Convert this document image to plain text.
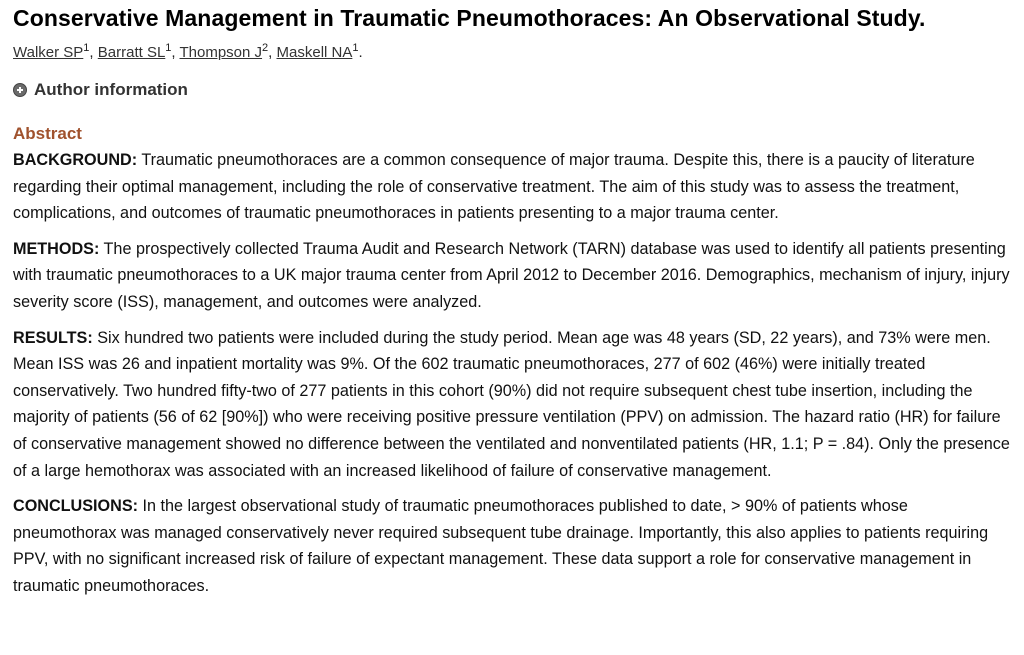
Conservative Management in Traumatic Pneumothoraces: An Observational Study.
Walker $SP^1$, Barratt $SL^1$, Thompson $J^2$, Maskell $NA^1$.
Author information
Abstract

BACKGROUND: Traumatic pneumothoraces are a common consequence of major trauma. Despite this, there is a paucity of literature regarding their optimal management, including the role of conservative treatment. The aim of this study was to assess the treatment, complications, and outcomes of traumatic pneumothoraces in patients presenting to a major trauma center.

METHODS: The prospectively collected Trauma Audit and Research Network (TARN) database was used to identify all patients presenting with traumatic pneumothoraces to a UK major trauma center from April 2012 to December 2016. Demographics, mechanism of injury, injury severity score (ISS), management, and outcomes were analyzed.

RESULTS: Six hundred two patients were included during the study period. Mean age was 48 years (SD, 22 years), and 73% were men. Mean ISS was 26 and inpatient mortality was 9%. Of the 602 traumatic pneumothoraces, 277 of 602 (46%) were initially treated conservatively. Two hundred fifty-two of 277 patients in this cohort (90%) did not require subsequent chest tube insertion, including the majority of patients (56 of 62 [90%]) who were receiving positive pressure ventilation (PPV) on admission. The hazard ratio (HR) for failure of conservative management showed no difference between the ventilated and nonventilated patients (HR, 1.1; P = .84). Only the presence of a large hemothorax was associated with an increased likelihood of failure of conservative management.

CONCLUSIONS: In the largest observational study of traumatic pneumothoraces published to date, > 90% of patients whose pneumothorax was managed conservatively never required subsequent tube drainage. Importantly, this also applies to patients requiring PPV, with no significant increased risk of failure of expectant management. These data support a role for conservative management in traumatic pneumothoraces.
